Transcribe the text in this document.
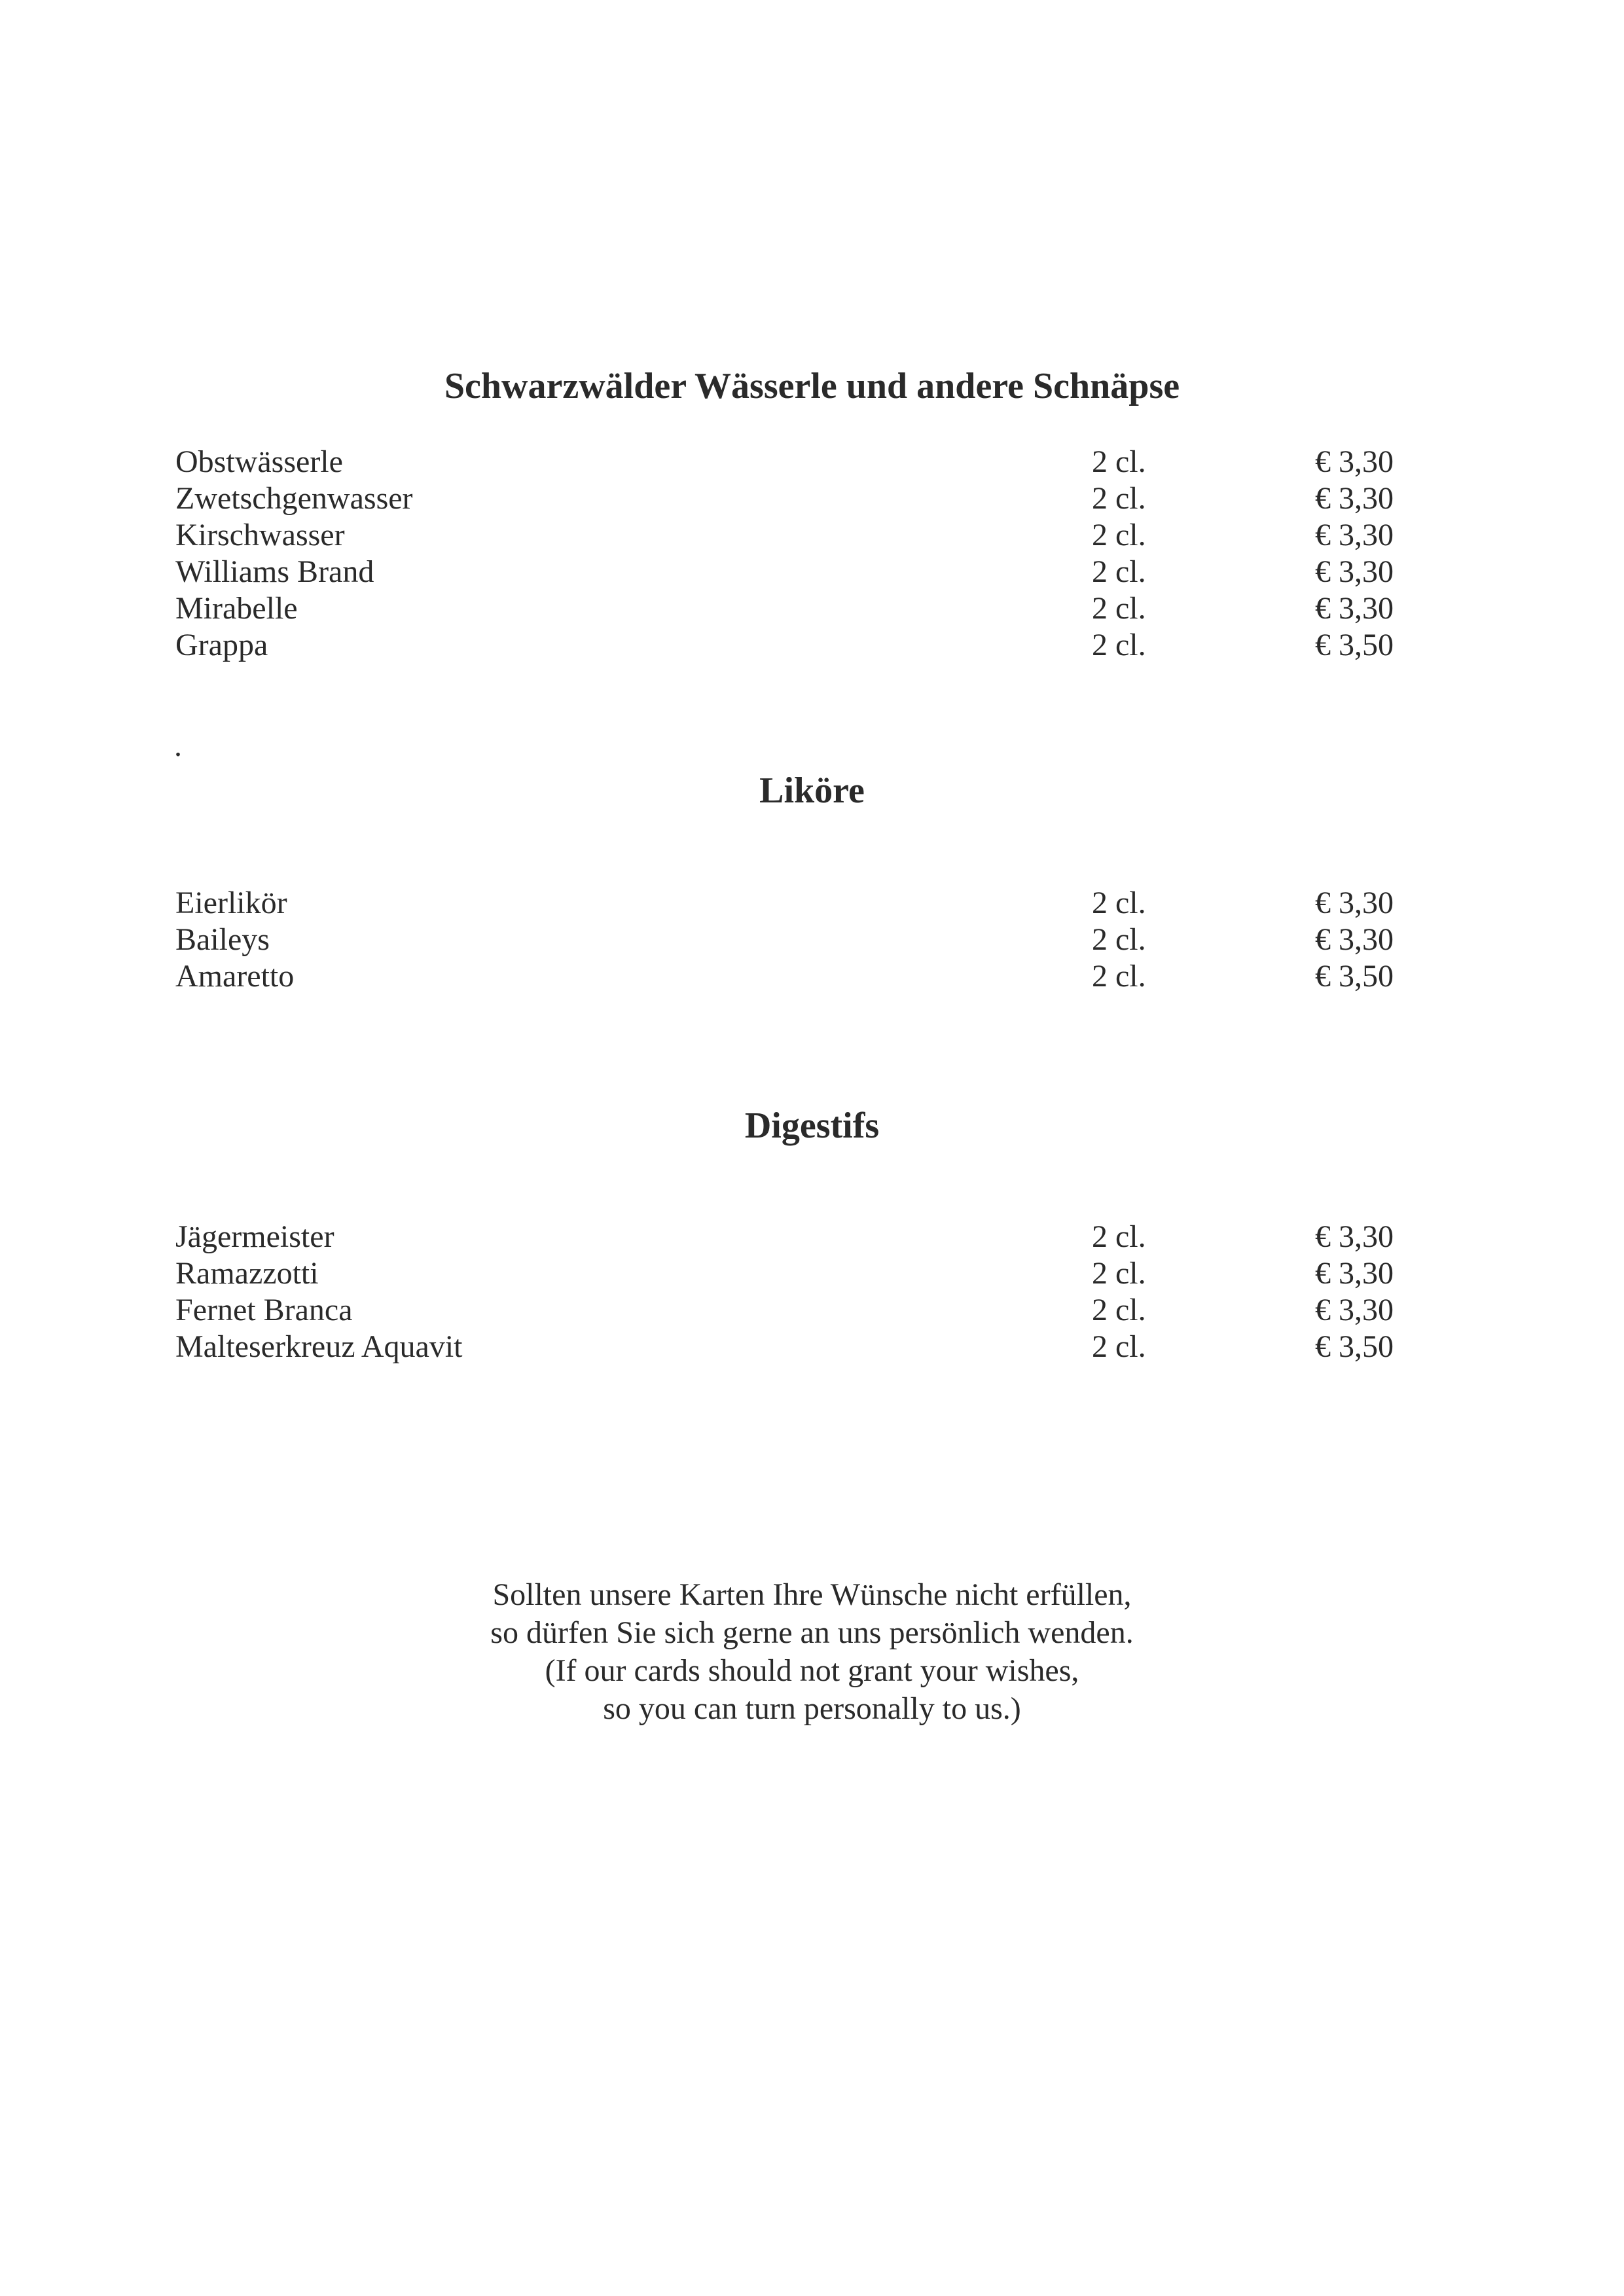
Schwarzwälder Wässerle und andere Schnäpse
Obstwässerle	2 cl.	€ 3,30
Zwetschgenwasser	2 cl.	€ 3,30
Kirschwasser	2 cl.	€ 3,30
Williams Brand	2 cl.	€ 3,30
Mirabelle	2 cl.	€ 3,30
Grappa	2 cl.	€ 3,50
.
Liköre
Eierlikör	2 cl.	€ 3,30
Baileys	2 cl.	€ 3,30
Amaretto	2 cl.	€ 3,50
Digestifs
Jägermeister	2 cl.	€ 3,30
Ramazzotti	2 cl.	€ 3,30
Fernet Branca	2 cl.	€ 3,30
Malteserkreuz Aquavit	2 cl.	€ 3,50
Sollten unsere Karten Ihre Wünsche nicht erfüllen,
so dürfen Sie sich gerne an uns persönlich wenden.
(If our cards should not grant your wishes,
so you can turn personally to us.)
